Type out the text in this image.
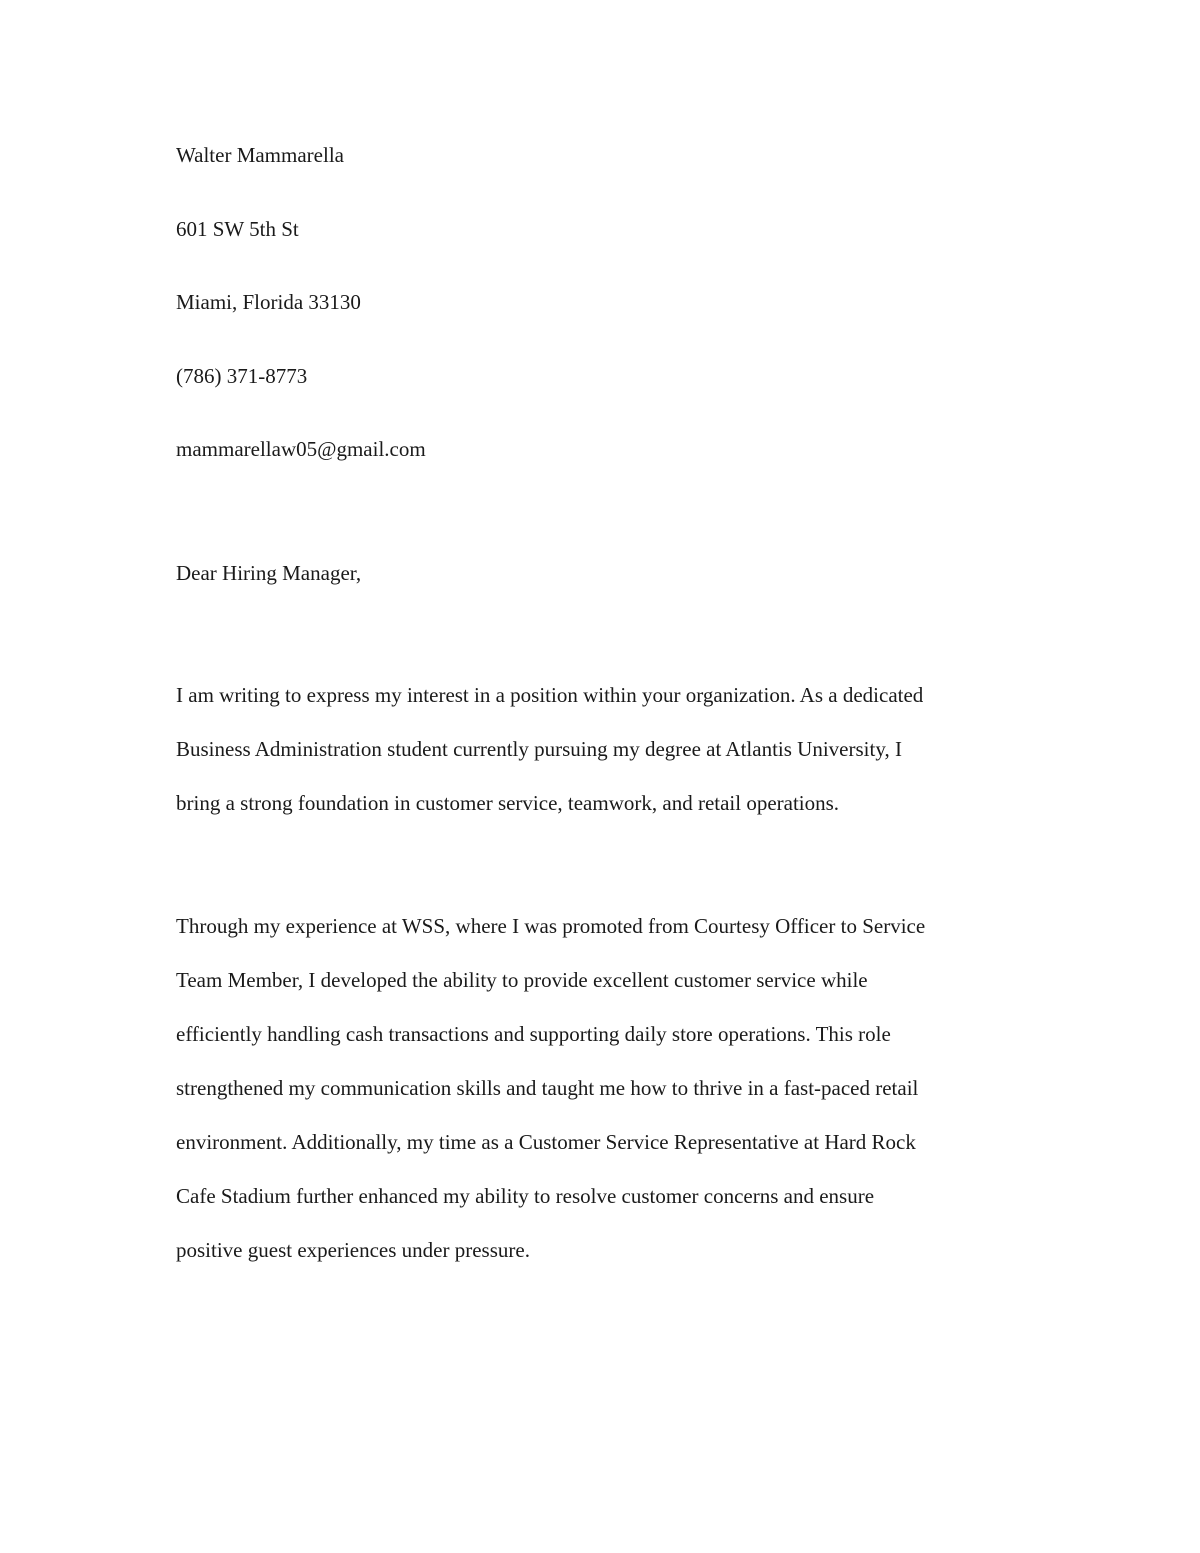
Walter Mammarella
601 SW 5th St
Miami, Florida 33130
(786) 371-8773
mammarellaw05@gmail.com
Dear Hiring Manager,
I am writing to express my interest in a position within your organization. As a dedicated
Business Administration student currently pursuing my degree at Atlantis University, I
bring a strong foundation in customer service, teamwork, and retail operations.
Through my experience at WSS, where I was promoted from Courtesy Officer to Service
Team Member, I developed the ability to provide excellent customer service while
efficiently handling cash transactions and supporting daily store operations. This role
strengthened my communication skills and taught me how to thrive in a fast-paced retail
environment. Additionally, my time as a Customer Service Representative at Hard Rock
Cafe Stadium further enhanced my ability to resolve customer concerns and ensure
positive guest experiences under pressure.
